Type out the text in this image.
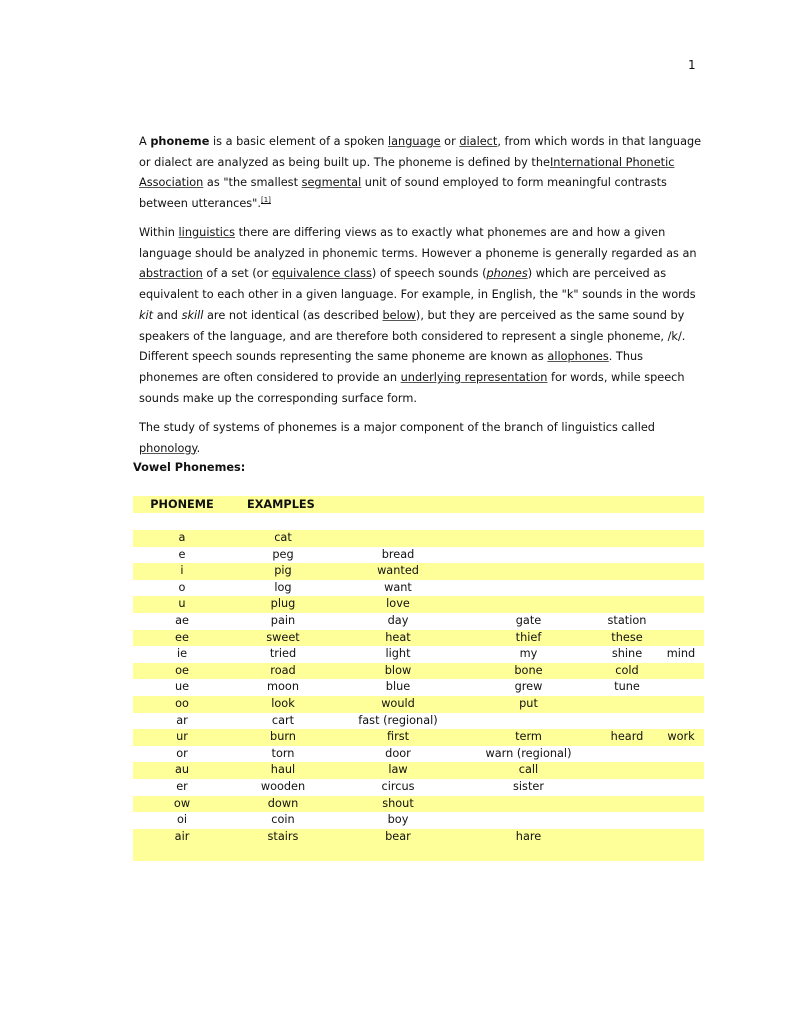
1

A phoneme is a basic element of a spoken language or dialect, from which words in that language or dialect are analyzed as being built up. The phoneme is defined by theInternational Phonetic Association as "the smallest segmental unit of sound employed to form meaningful contrasts between utterances".[1]

Within linguistics there are differing views as to exactly what phonemes are and how a given language should be analyzed in phonemic terms. However a phoneme is generally regarded as an abstraction of a set (or equivalence class) of speech sounds (phones) which are perceived as equivalent to each other in a given language. For example, in English, the "k" sounds in the words kit and skill are not identical (as described below), but they are perceived as the same sound by speakers of the language, and are therefore both considered to represent a single phoneme, /k/. Different speech sounds representing the same phoneme are known as allophones. Thus phonemes are often considered to provide an underlying representation for words, while speech sounds make up the corresponding surface form.

The study of systems of phonemes is a major component of the branch of linguistics called phonology.

Vowel Phonemes:
PHONEME	EXAMPLES				

a	cat				
e	peg	bread			
i	pig	wanted			
o	log	want			
u	plug	love			
ae	pain	day	gate	station	
ee	sweet	heat	thief	these	
ie	tried	light	my	shine	mind
oe	road	blow	bone	cold	
ue	moon	blue	grew	tune	
oo	look	would	put		
ar	cart	fast (regional)			
ur	burn	first	term	heard	work
or	torn	door	warn (regional)		
au	haul	law	call		
er	wooden	circus	sister		
ow	down	shout			
oi	coin	boy			
air	stairs	bear	hare		
